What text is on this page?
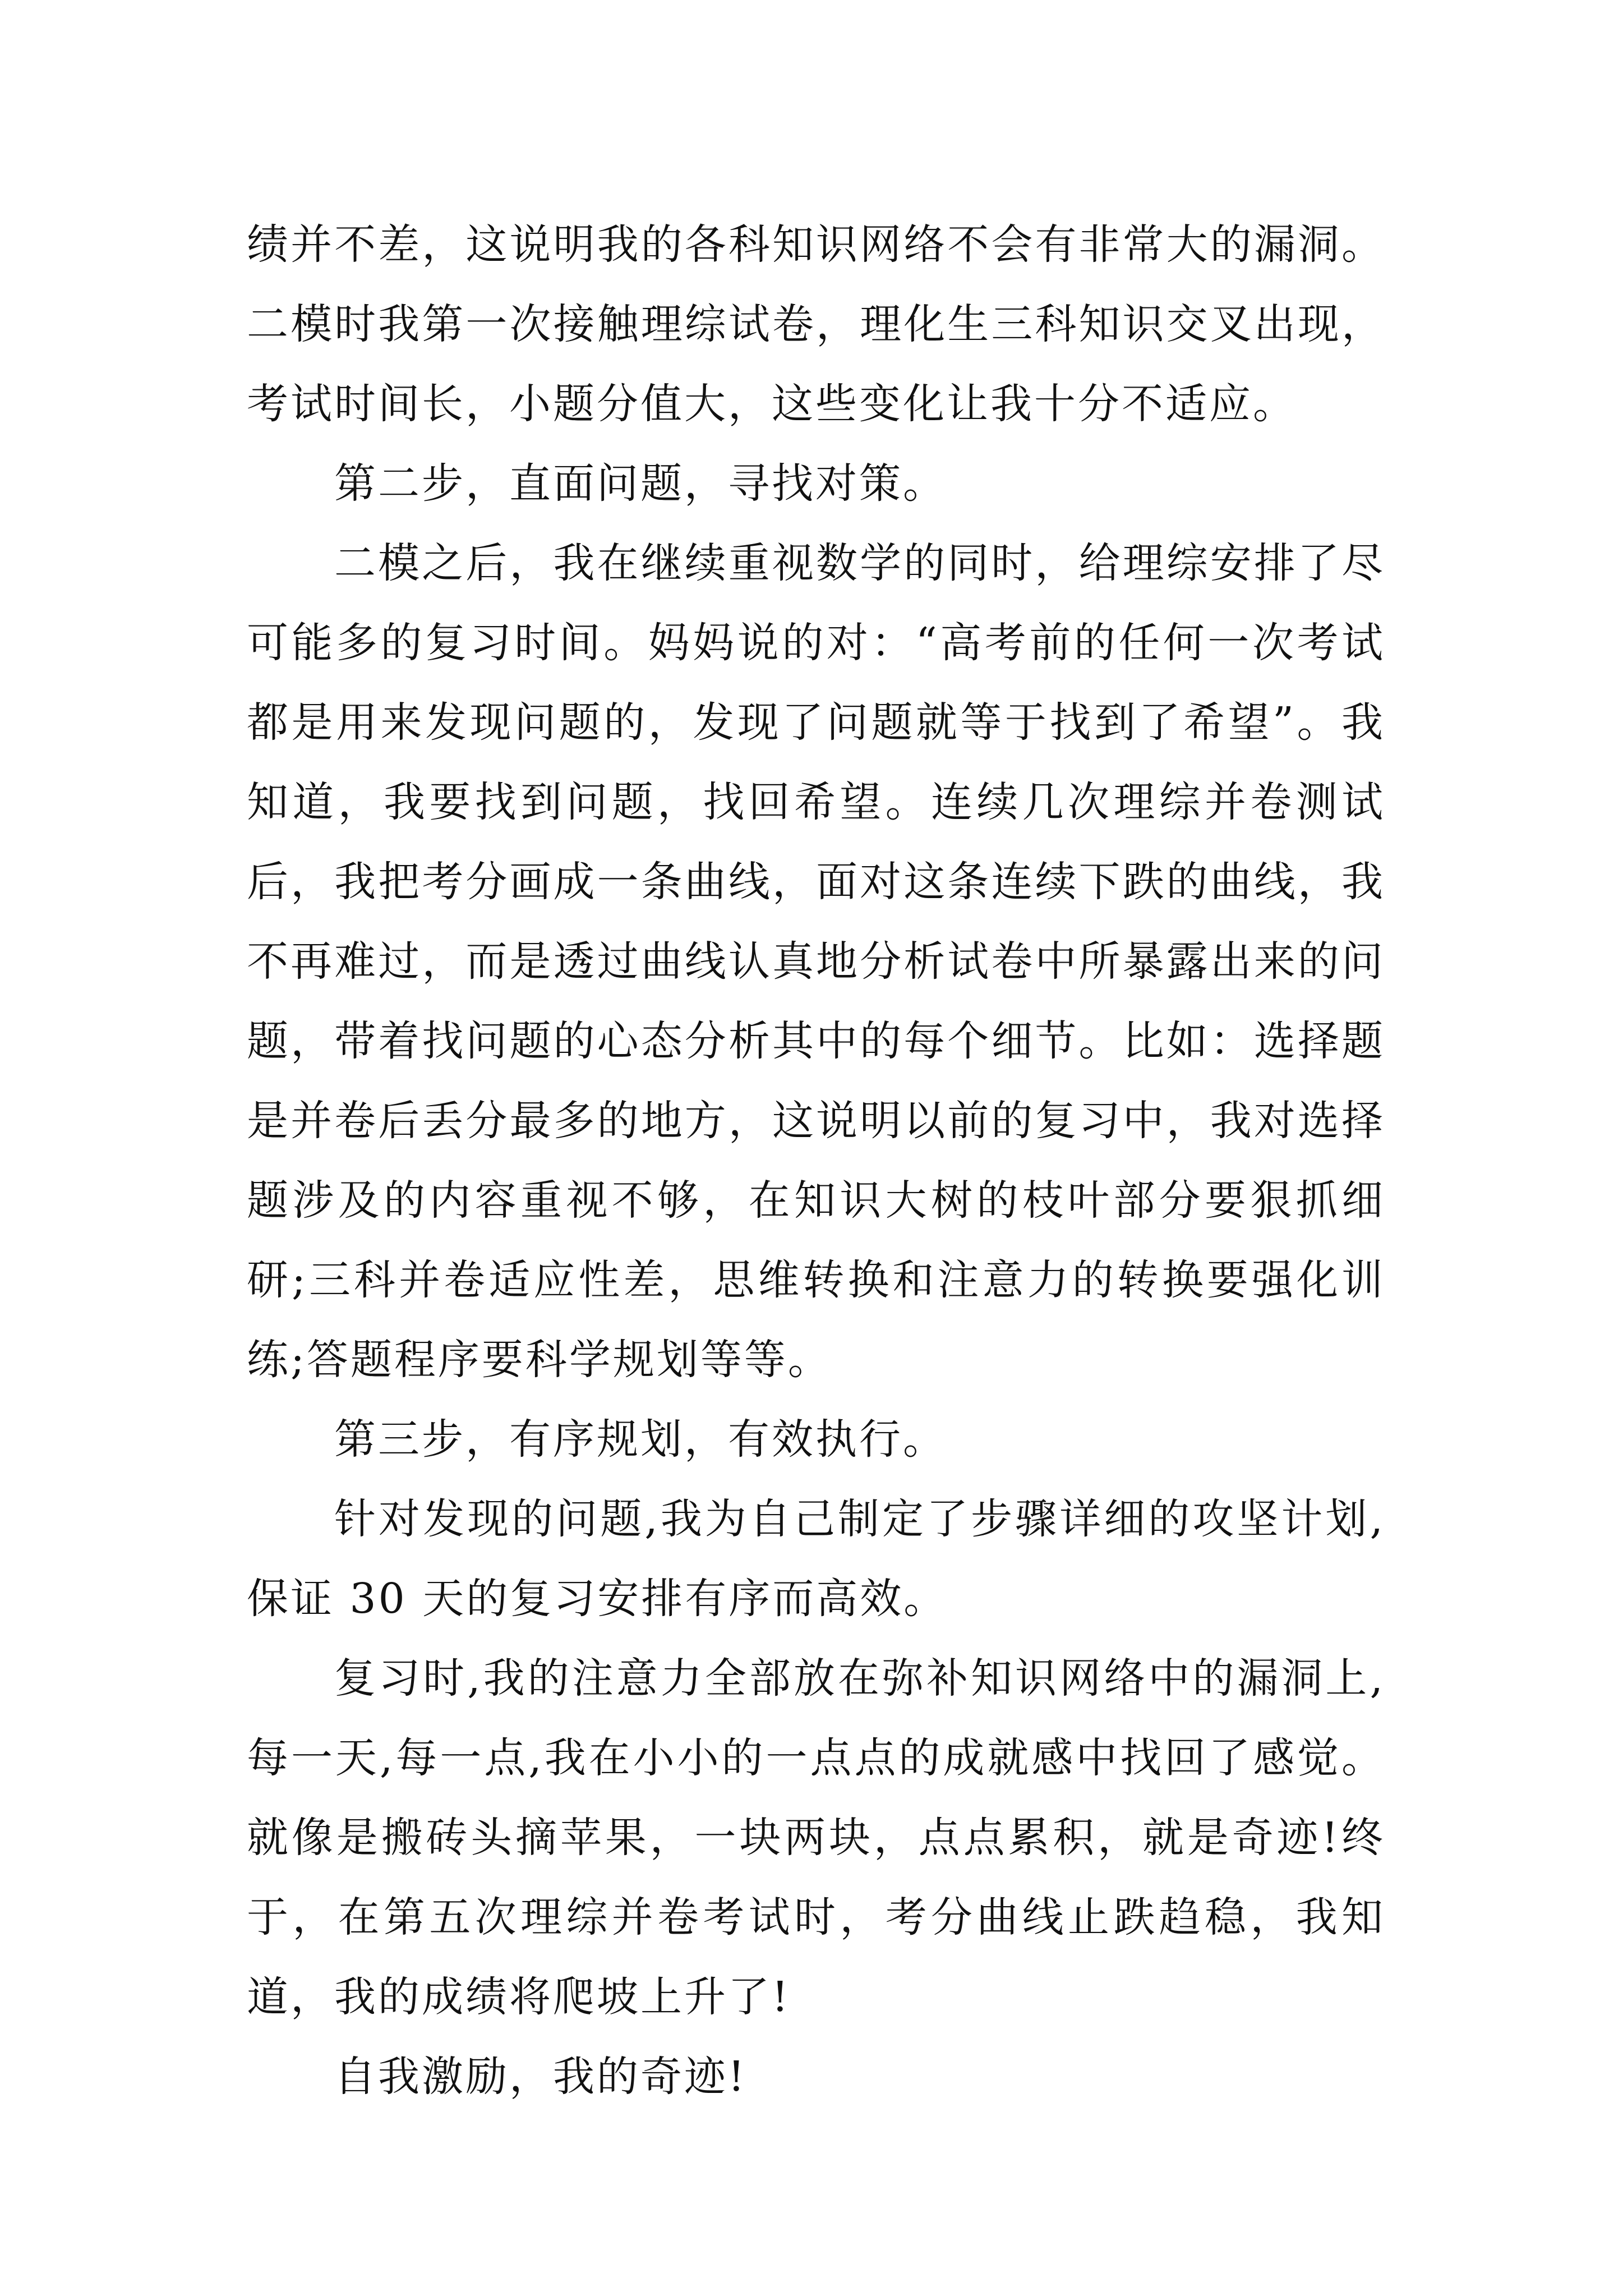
绩并不差，这说明我的各科知识网络不会有非常大的漏洞。二模时我第一次接触理综试卷，理化生三科知识交叉出现，考试时间长，小题分值大，这些变化让我十分不适应。

第二步，直面问题，寻找对策。

二模之后，我在继续重视数学的同时，给理综安排了尽可能多的复习时间。妈妈说的对：“高考前的任何一次考试都是用来发现问题的，发现了问题就等于找到了希望”。我知道，我要找到问题，找回希望。连续几次理综并卷测试后，我把考分画成一条曲线，面对这条连续下跌的曲线，我不再难过，而是透过曲线认真地分析试卷中所暴露出来的问题，带着找问题的心态分析其中的每个细节。比如：选择题是并卷后丢分最多的地方，这说明以前的复习中，我对选择题涉及的内容重视不够，在知识大树的枝叶部分要狠抓细研;三科并卷适应性差，思维转换和注意力的转换要强化训练;答题程序要科学规划等等。

第三步，有序规划，有效执行。

针对发现的问题,我为自己制定了步骤详细的攻坚计划,保证 30 天的复习安排有序而高效。

复习时,我的注意力全部放在弥补知识网络中的漏洞上,每一天,每一点,我在小小的一点点的成就感中找回了感觉。就像是搬砖头摘苹果，一块两块，点点累积，就是奇迹!终于，在第五次理综并卷考试时，考分曲线止跌趋稳，我知道，我的成绩将爬坡上升了!

自我激励，我的奇迹!
